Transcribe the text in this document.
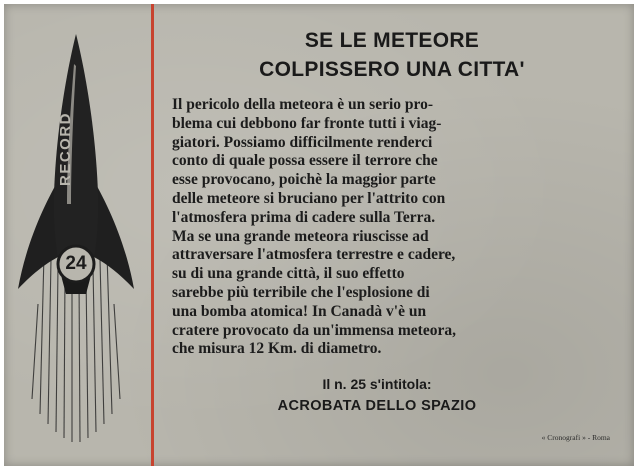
RECORD
24
SE LE METEORE
COLPISSERO UNA CITTA'
Il pericolo della meteora è un serio pro-
blema cui debbono far fronte tutti i viag-
giatori. Possiamo difficilmente renderci
conto di quale possa essere il terrore che
esse provocano, poichè la maggior parte
delle meteore si bruciano per l'attrito con
l'atmosfera prima di cadere sulla Terra.
Ma se una grande meteora riuscisse ad
attraversare l'atmosfera terrestre e cadere,
su di una grande città, il suo effetto
sarebbe più terribile che l'esplosione di
una bomba atomica! In Canadà v'è un
cratere provocato da un'immensa meteora,
che misura 12 Km. di diametro.
Il n. 25 s'intitola:
ACROBATA DELLO SPAZIO
« Cronografi » - Roma
